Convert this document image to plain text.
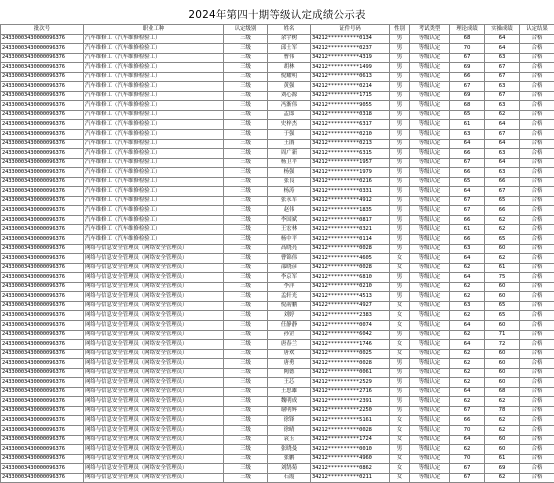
2024年第四十期等级认定成绩公示表
批次号	职业工种	认定级别	姓名	证件号码	性别	考试类型	理论成绩	实操成绩	认定结果
24330003430000096376	汽车维修工（汽车维修检验工）	三级	余宇树	34212**********0134	男	等级认定	68	64	合格
24330003430000096376	汽车维修工（汽车维修检验工）	三级	邱士军	34212**********0237	男	等级认定	70	64	合格
24330003430000096376	汽车维修工（汽车维修检验工）	三级	曹伟	34212**********4319	男	等级认定	67	63	合格
24330003430000096376	汽车维修工（汽车维修检验工）	三级	胡林	34212**********1499	男	等级认定	69	67	合格
24330003430000096376	汽车维修工（汽车维修检验工）	三级	倪耀明	34212**********0613	男	等级认定	66	67	合格
24330003430000096376	汽车维修工（汽车维修检验工）	三级	黄强	34212**********0214	男	等级认定	67	63	合格
24330003430000096376	汽车维修工（汽车维修检验工）	三级	刘心源	34212**********1715	男	等级认定	69	67	合格
24330003430000096376	汽车维修工（汽车维修检验工）	三级	冯渐伟	34212**********9055	男	等级认定	68	63	合格
24330003430000096376	汽车维修工（汽车维修检验工）	三级	孟郎	34212**********0318	男	等级认定	65	62	合格
24330003430000096376	汽车维修工（汽车维修检验工）	三级	史梓杰	34212**********6317	男	等级认定	61	64	合格
24330003430000096376	汽车维修工（汽车维修检验工）	三级	于强	34212**********0210	男	等级认定	63	67	合格
24330003430000096376	汽车维修工（汽车维修检验工）	三级	王鹃	34212**********0213	男	等级认定	64	64	合格
24330003430000096376	汽车维修工（汽车维修检验工）	三级	周广新	34212**********6315	男	等级认定	66	63	合格
24330003430000096376	汽车维修工（汽车维修检验工）	三级	杨卫平	34212**********1957	男	等级认定	67	64	合格
24330003430000096376	汽车维修工（汽车维修检验工）	三级	杨强	34212**********1979	男	等级认定	66	63	合格
24330003430000096376	汽车维修工（汽车维修检验工）	三级	张良	34212**********0216	男	等级认定	65	66	合格
24330003430000096376	汽车维修工（汽车维修检验工）	三级	杨涛	34212**********0331	男	等级认定	64	67	合格
24330003430000096376	汽车维修工（汽车维修检验工）	三级	张永军	34212**********4912	男	等级认定	67	65	合格
24330003430000096376	汽车维修工（汽车维修检验工）	三级	赵伟	34212**********1835	男	等级认定	67	66	合格
24330003430000096376	汽车维修工（汽车维修检验工）	三级	李国斌	34212**********0817	男	等级认定	66	62	合格
24330003430000096376	汽车维修工（汽车维修检验工）	三级	王宏林	34212**********0321	男	等级认定	61	62	合格
24330003430000096376	汽车维修工（汽车维修检验工）	三级	杨中平	34212**********0114	男	等级认定	66	65	合格
24330003430000096376	网络与信息安全管理员（网络安全管理员）	三级	高晓亮	34212**********0028	男	等级认定	63	60	合格
24330003430000096376	网络与信息安全管理员（网络安全管理员）	三级	曹锦伟	34212**********4605	女	等级认定	64	62	合格
24330003430000096376	网络与信息安全管理员（网络安全管理员）	三级	邵晓彦	34212**********0028	女	等级认定	62	61	合格
24330003430000096376	网络与信息安全管理员（网络安全管理员）	三级	李京军	34212**********6810	男	等级认定	64	75	合格
24330003430000096376	网络与信息安全管理员（网络安全管理员）	三级	李洋	34212**********0210	男	等级认定	62	60	合格
24330003430000096376	网络与信息安全管理员（网络安全管理员）	三级	孟轩光	34212**********4513	男	等级认定	62	60	合格
24330003430000096376	网络与信息安全管理员（网络安全管理员）	三级	倪韵鹏	34122**********4927	女	等级认定	63	65	合格
24330003430000096376	网络与信息安全管理员（网络安全管理员）	三级	刘婷	34212**********2383	女	等级认定	62	65	合格
24330003430000096376	网络与信息安全管理员（网络安全管理员）	三级	任静静	34212**********0074	女	等级认定	64	60	合格
24330003430000096376	网络与信息安全管理员（网络安全管理员）	三级	孙罡	34212**********6042	男	等级认定	62	71	合格
24330003430000096376	网络与信息安全管理员（网络安全管理员）	三级	唐春兰	34212**********1746	女	等级认定	64	72	合格
24330003430000096376	网络与信息安全管理员（网络安全管理员）	三级	唐欢	34212**********0025	女	等级认定	62	60	合格
24330003430000096376	网络与信息安全管理员（网络安全管理员）	三级	唐勇	34212**********0028	男	等级认定	62	60	合格
24330003430000096376	网络与信息安全管理员（网络安全管理员）	三级	陶德	34212**********0061	男	等级认定	62	60	合格
24330003430000096376	网络与信息安全管理员（网络安全管理员）	三级	王芯	34212**********2529	男	等级认定	62	60	合格
24330003430000096376	网络与信息安全管理员（网络安全管理员）	三级	王思雄	34212**********2716	男	等级认定	64	68	合格
24330003430000096376	网络与信息安全管理员（网络安全管理员）	三级	魏明成	34212**********2391	男	等级认定	62	62	合格
24330003430000096376	网络与信息安全管理员（网络安全管理员）	三级	谢明辉	34212**********2250	男	等级认定	67	78	合格
24330003430000096376	网络与信息安全管理员（网络安全管理员）	三级	徐锋	34212**********5161	女	等级认定	66	62	合格
24330003430000096376	网络与信息安全管理员（网络安全管理员）	三级	徐晴	34212**********0028	女	等级认定	70	62	合格
24330003430000096376	网络与信息安全管理员（网络安全管理员）	三级	袁玉	34212**********1724	女	等级认定	64	60	合格
24330003430000096376	网络与信息安全管理员（网络安全管理员）	三级	张晓曼	34212**********0010	男	等级认定	62	60	合格
24330003430000096376	网络与信息安全管理员（网络安全管理员）	三级	张鹏	34212**********4960	女	等级认定	70	61	合格
24330003430000096376	网络与信息安全管理员（网络安全管理员）	三级	刘鹄菊	34212**********0862	女	等级认定	67	69	合格
24330003430000096376	网络与信息安全管理员（网络安全管理员）	三级	石霞	34212**********0211	女	等级认定	67	62	合格
